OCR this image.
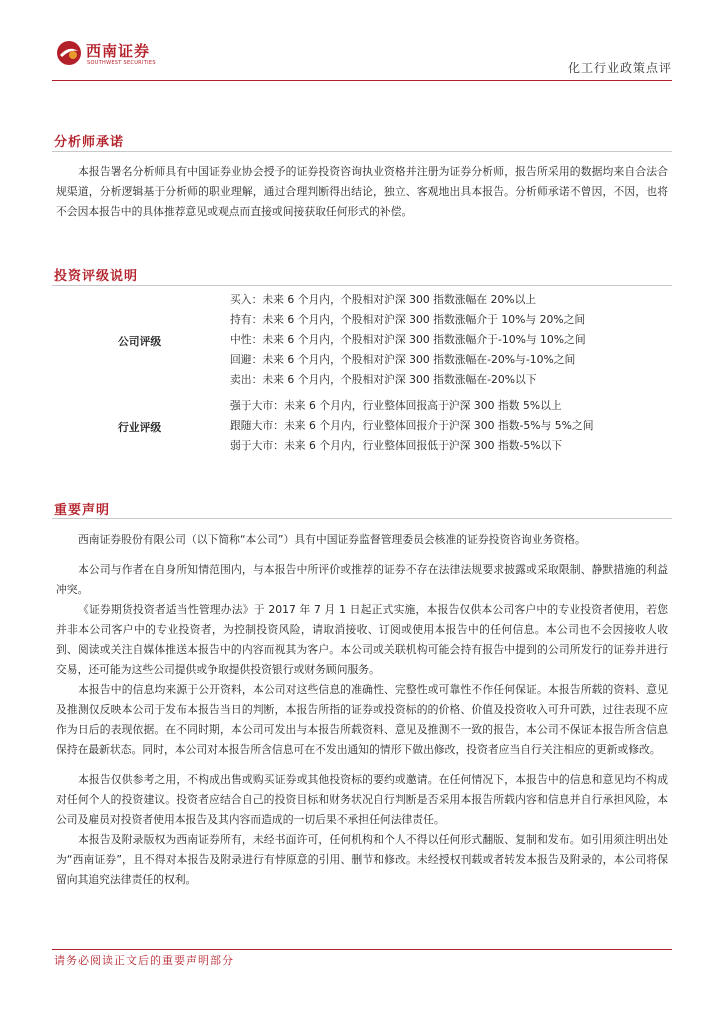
西南证券
SOUTHWEST SECURITIES	化工行业政策点评
分析师承诺

本报告署名分析师具有中国证券业协会授予的证券投资咨询执业资格并注册为证券分析师，报告所采用的数据均来自合法合规渠道，分析逻辑基于分析师的职业理解，通过合理判断得出结论，独立、客观地出具本报告。分析师承诺不曾因，不因，也将不会因本报告中的具体推荐意见或观点而直接或间接获取任何形式的补偿。

投资评级说明
公司评级
买入：未来 6 个月内，个股相对沪深 300 指数涨幅在 20%以上
持有：未来 6 个月内，个股相对沪深 300 指数涨幅介于 10%与 20%之间
中性：未来 6 个月内，个股相对沪深 300 指数涨幅介于-10%与 10%之间
回避：未来 6 个月内，个股相对沪深 300 指数涨幅在-20%与-10%之间
卖出：未来 6 个月内，个股相对沪深 300 指数涨幅在-20%以下
行业评级
强于大市：未来 6 个月内，行业整体回报高于沪深 300 指数 5%以上
跟随大市：未来 6 个月内，行业整体回报介于沪深 300 指数-5%与 5%之间
弱于大市：未来 6 个月内，行业整体回报低于沪深 300 指数-5%以下
重要声明

西南证券股份有限公司（以下简称“本公司”）具有中国证券监督管理委员会核准的证券投资咨询业务资格。

本公司与作者在自身所知情范围内，与本报告中所评价或推荐的证券不存在法律法规要求披露或采取限制、静默措施的利益冲突。

《证券期货投资者适当性管理办法》于 2017 年 7 月 1 日起正式实施，本报告仅供本公司客户中的专业投资者使用，若您并非本公司客户中的专业投资者，为控制投资风险，请取消接收、订阅或使用本报告中的任何信息。本公司也不会因接收人收到、阅读或关注自媒体推送本报告中的内容而视其为客户。本公司或关联机构可能会持有报告中提到的公司所发行的证券并进行交易，还可能为这些公司提供或争取提供投资银行或财务顾问服务。

本报告中的信息均来源于公开资料，本公司对这些信息的准确性、完整性或可靠性不作任何保证。本报告所载的资料、意见及推测仅反映本公司于发布本报告当日的判断，本报告所指的证券或投资标的的价格、价值及投资收入可升可跌，过往表现不应作为日后的表现依据。在不同时期，本公司可发出与本报告所载资料、意见及推测不一致的报告，本公司不保证本报告所含信息保持在最新状态。同时，本公司对本报告所含信息可在不发出通知的情形下做出修改，投资者应当自行关注相应的更新或修改。

本报告仅供参考之用，不构成出售或购买证券或其他投资标的要约或邀请。在任何情况下，本报告中的信息和意见均不构成对任何个人的投资建议。投资者应结合自己的投资目标和财务状况自行判断是否采用本报告所载内容和信息并自行承担风险，本公司及雇员对投资者使用本报告及其内容而造成的一切后果不承担任何法律责任。

本报告及附录版权为西南证券所有，未经书面许可，任何机构和个人不得以任何形式翻版、复制和发布。如引用须注明出处为“西南证券”，且不得对本报告及附录进行有悖原意的引用、删节和修改。未经授权刊载或者转发本报告及附录的，本公司将保留向其追究法律责任的权利。

请务必阅读正文后的重要声明部分
